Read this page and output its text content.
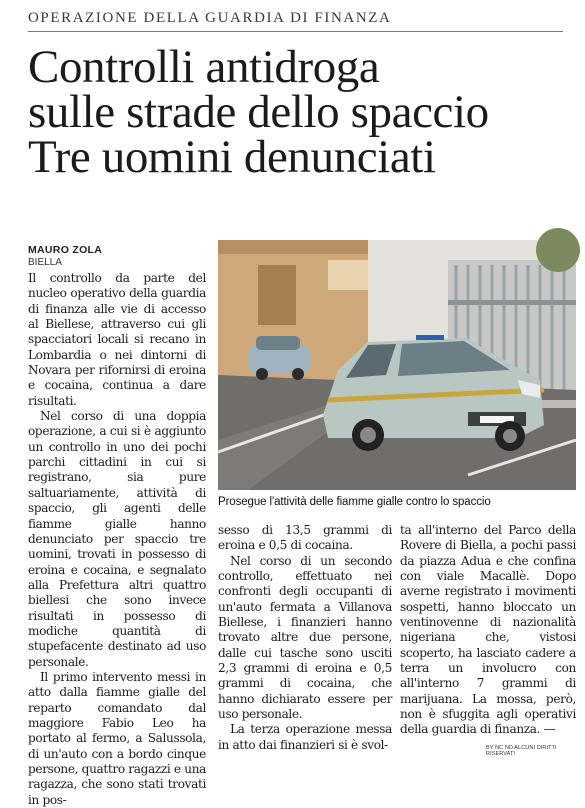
OPERAZIONE DELLA GUARDIA DI FINANZA
Controlli antidroga
sulle strade dello spaccio
Tre uomini denunciati
MAURO ZOLA
BIELLA

Il controllo da parte del nucleo operativo della guardia di finanza alle vie di accesso al Biellese, attraverso cui gli spacciatori locali si recano in Lombardia o nei dintorni di Novara per rifornirsi di eroina e cocaina, continua a dare risultati.

Nel corso di una doppia operazione, a cui si è aggiunto un controllo in uno dei pochi parchi cittadini in cui si registrano, sia pure saltuariamente, attività di spaccio, gli agenti delle fiamme gialle hanno denunciato per spaccio tre uomini, trovati in possesso di eroina e cocaina, e segnalato alla Prefettura altri quattro biellesi che sono invece risultati in possesso di modiche quantità di stupefacente destinato ad uso personale.

Il primo intervento messi in atto dalla fiamme gialle del reparto comandato dal maggiore Fabio Leo ha portato al fermo, a Salussola, di un'auto con a bordo cinque persone, quattro ragazzi e una ragazza, che sono stati trovati in pos-

Prosegue l'attività delle fiamme gialle contro lo spaccio

sesso di 13,5 grammi di eroina e 0,5 di cocaina.

Nel corso di un secondo controllo, effettuato nei confronti degli occupanti di un'auto fermata a Villanova Biellese, i finanzieri hanno trovato altre due persone, dalle cui tasche sono usciti 2,3 grammi di eroina e 0,5 grammi di cocaina, che hanno dichiarato essere per uso personale.

La terza operazione messa in atto dai finanzieri si è svol-

ta all'interno del Parco della Rovere di Biella, a pochi passi da piazza Adua e che confina con viale Macallè. Dopo averne registrato i movimenti sospetti, hanno bloccato un ventinovenne di nazionalità nigeriana che, vistosi scoperto, ha lasciato cadere a terra un involucro con all'interno 7 grammi di marijuana. La mossa, però, non è sfuggita agli operativi della guardia di finanza. —

BY NC ND ALCUNI DIRITTI RISERVATI
